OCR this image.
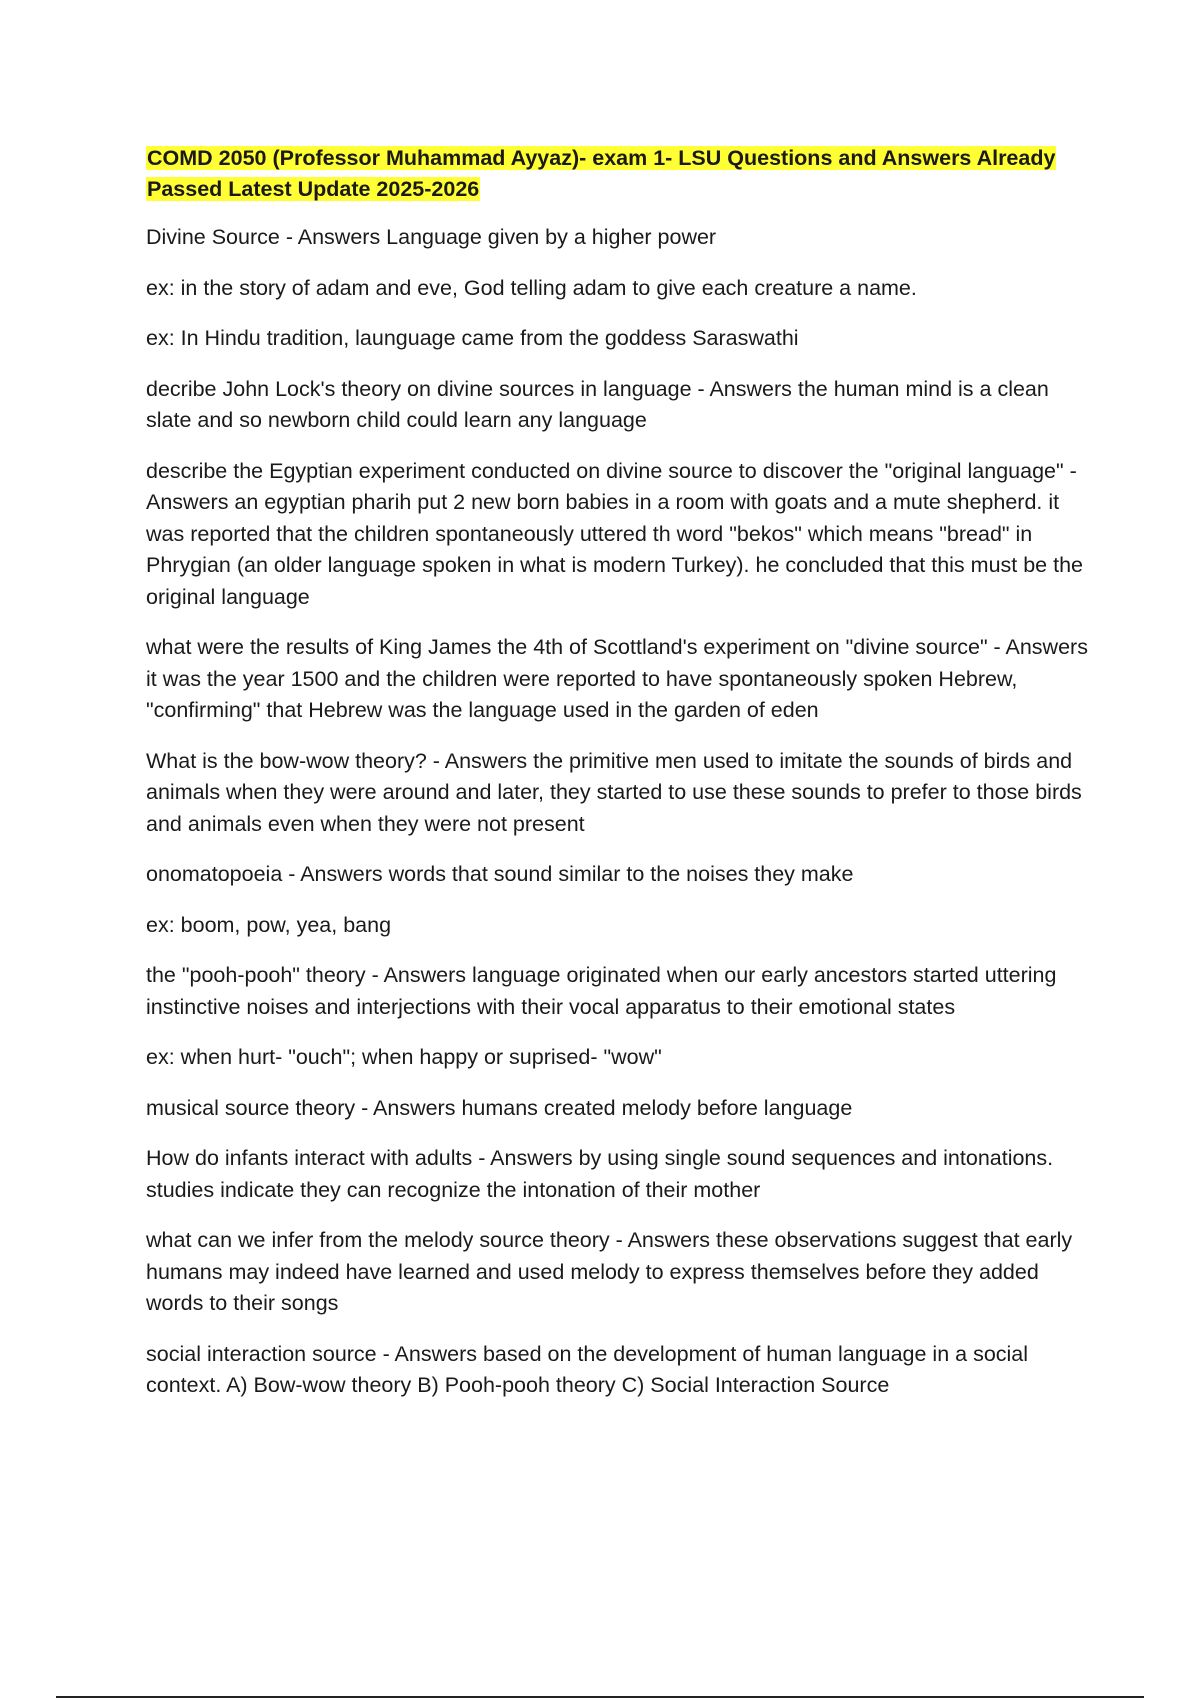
COMD 2050 (Professor Muhammad Ayyaz)- exam 1- LSU Questions and Answers Already Passed Latest Update 2025-2026

Divine Source - Answers Language given by a higher power

ex: in the story of adam and eve, God telling adam to give each creature a name.

ex: In Hindu tradition, launguage came from the goddess Saraswathi

decribe John Lock's theory on divine sources in language - Answers the human mind is a clean slate and so newborn child could learn any language

describe the Egyptian experiment conducted on divine source to discover the "original language" - Answers an egyptian pharih put 2 new born babies in a room with goats and a mute shepherd. it was reported that the children spontaneously uttered th word "bekos" which means "bread" in Phrygian (an older language spoken in what is modern Turkey). he concluded that this must be the original language

what were the results of King James the 4th of Scottland's experiment on "divine source" - Answers it was the year 1500 and the children were reported to have spontaneously spoken Hebrew, "confirming" that Hebrew was the language used in the garden of eden

What is the bow-wow theory? - Answers the primitive men used to imitate the sounds of birds and animals when they were around and later, they started to use these sounds to prefer to those birds and animals even when they were not present

onomatopoeia - Answers words that sound similar to the noises they make

ex: boom, pow, yea, bang

the "pooh-pooh" theory - Answers language originated when our early ancestors started uttering instinctive noises and interjections with their vocal apparatus to their emotional states

ex: when hurt- "ouch"; when happy or suprised- "wow"

musical source theory - Answers humans created melody before language

How do infants interact with adults - Answers by using single sound sequences and intonations. studies indicate they can recognize the intonation of their mother

what can we infer from the melody source theory - Answers these observations suggest that early humans may indeed have learned and used melody to express themselves before they added words to their songs

social interaction source - Answers based on the development of human language in a social context. A) Bow-wow theory B) Pooh-pooh theory C) Social Interaction Source
